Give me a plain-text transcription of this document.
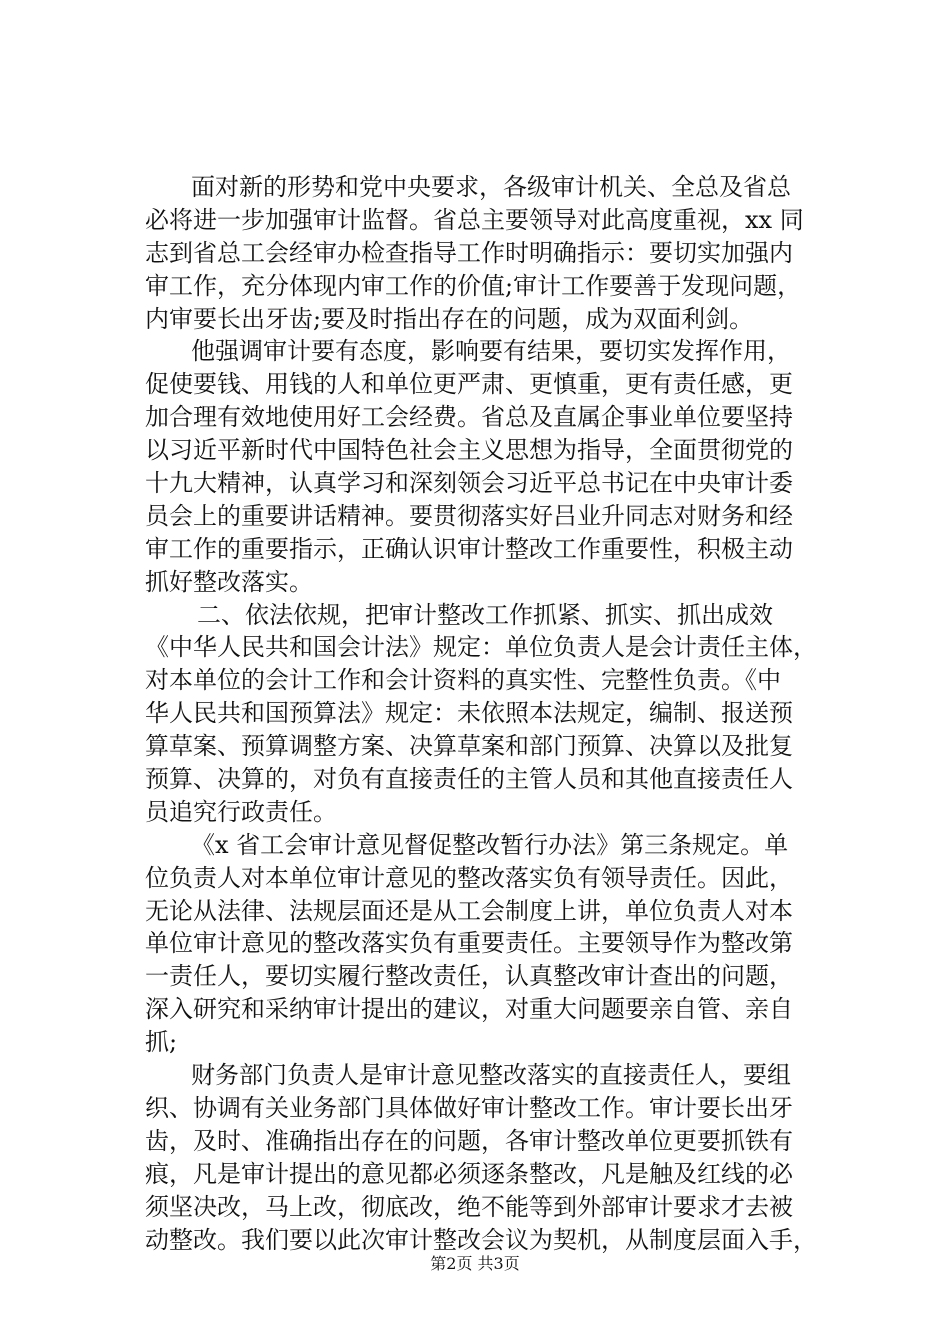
面对新的形势和党中央要求，各级审计机关、全总及省总
必将进一步加强审计监督。省总主要领导对此高度重视，xx 同
志到省总工会经审办检查指导工作时明确指示：要切实加强内
审工作，充分体现内审工作的价值;审计工作要善于发现问题，
内审要长出牙齿;要及时指出存在的问题，成为双面利剑。
他强调审计要有态度，影响要有结果，要切实发挥作用，
促使要钱、用钱的人和单位更严肃、更慎重，更有责任感，更
加合理有效地使用好工会经费。省总及直属企事业单位要坚持
以习近平新时代中国特色社会主义思想为指导，全面贯彻党的
十九大精神，认真学习和深刻领会习近平总书记在中央审计委
员会上的重要讲话精神。要贯彻落实好吕业升同志对财务和经
审工作的重要指示，正确认识审计整改工作重要性，积极主动
抓好整改落实。
二、依法依规，把审计整改工作抓紧、抓实、抓出成效
《中华人民共和国会计法》规定：单位负责人是会计责任主体，
对本单位的会计工作和会计资料的真实性、完整性负责。《中
华人民共和国预算法》规定：未依照本法规定，编制、报送预
算草案、预算调整方案、决算草案和部门预算、决算以及批复
预算、决算的，对负有直接责任的主管人员和其他直接责任人
员追究行政责任。
《x 省工会审计意见督促整改暂行办法》第三条规定。单
位负责人对本单位审计意见的整改落实负有领导责任。因此，
无论从法律、法规层面还是从工会制度上讲，单位负责人对本
单位审计意见的整改落实负有重要责任。主要领导作为整改第
一责任人，要切实履行整改责任，认真整改审计查出的问题，
深入研究和采纳审计提出的建议，对重大问题要亲自管、亲自
抓;
财务部门负责人是审计意见整改落实的直接责任人，要组
织、协调有关业务部门具体做好审计整改工作。审计要长出牙
齿，及时、准确指出存在的问题，各审计整改单位更要抓铁有
痕，凡是审计提出的意见都必须逐条整改，凡是触及红线的必
须坚决改，马上改，彻底改，绝不能等到外部审计要求才去被
动整改。我们要以此次审计整改会议为契机，从制度层面入手，
第2页 共3页
